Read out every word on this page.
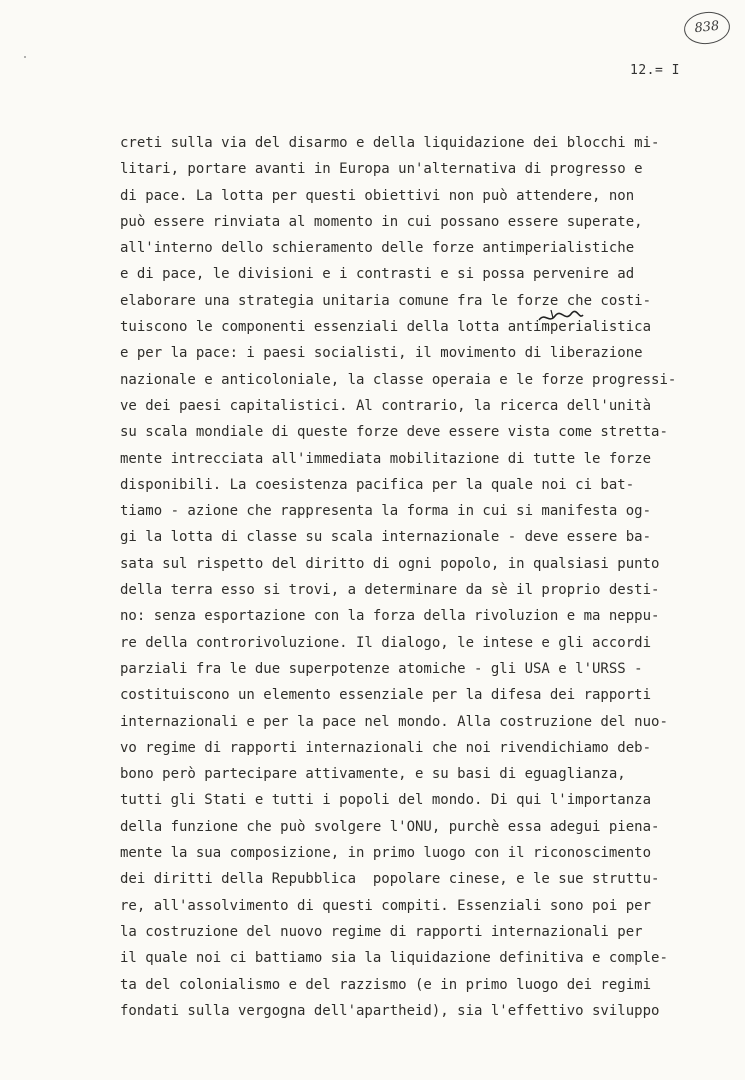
838
12.= I
creti sulla via del disarmo e della liquidazione dei blocchi mi-
litari, portare avanti in Europa un'alternativa di progresso e
di pace. La lotta per questi obiettivi non può attendere, non
può essere rinviata al momento in cui possano essere superate,
all'interno dello schieramento delle forze antimperialistiche
e di pace, le divisioni e i contrasti e si possa pervenire ad
elaborare una strategia unitaria comune fra le forze che costi-
tuiscono le componenti essenziali della lotta antimperialistica
e per la pace: i paesi socialisti, il movimento di liberazione
nazionale e anticoloniale, la classe operaia e le forze progressi-
ve dei paesi capitalistici. Al contrario, la ricerca dell'unità
su scala mondiale di queste forze deve essere vista come stretta-
mente intrecciata all'immediata mobilitazione di tutte le forze
disponibili. La coesistenza pacifica per la quale noi ci bat-
tiamo - azione che rappresenta la forma in cui si manifesta og-
gi la lotta di classe su scala internazionale - deve essere ba-
sata sul rispetto del diritto di ogni popolo, in qualsiasi punto
della terra esso si trovi, a determinare da sè il proprio desti-
no: senza esportazione con la forza della rivoluzion e ma neppu-
re della controrivoluzione. Il dialogo, le intese e gli accordi
parziali fra le due superpotenze atomiche - gli USA e l'URSS -
costituiscono un elemento essenziale per la difesa dei rapporti
internazionali e per la pace nel mondo. Alla costruzione del nuo-
vo regime di rapporti internazionali che noi rivendichiamo deb-
bono però partecipare attivamente, e su basi di eguaglianza,
tutti gli Stati e tutti i popoli del mondo. Di qui l'importanza
della funzione che può svolgere l'ONU, purchè essa adegui piena-
mente la sua composizione, in primo luogo con il riconoscimento
dei diritti della Repubblica  popolare cinese, e le sue struttu-
re, all'assolvimento di questi compiti. Essenziali sono poi per
la costruzione del nuovo regime di rapporti internazionali per
il quale noi ci battiamo sia la liquidazione definitiva e comple-
ta del colonialismo e del razzismo (e in primo luogo dei regimi
fondati sulla vergogna dell'apartheid), sia l'effettivo sviluppo
